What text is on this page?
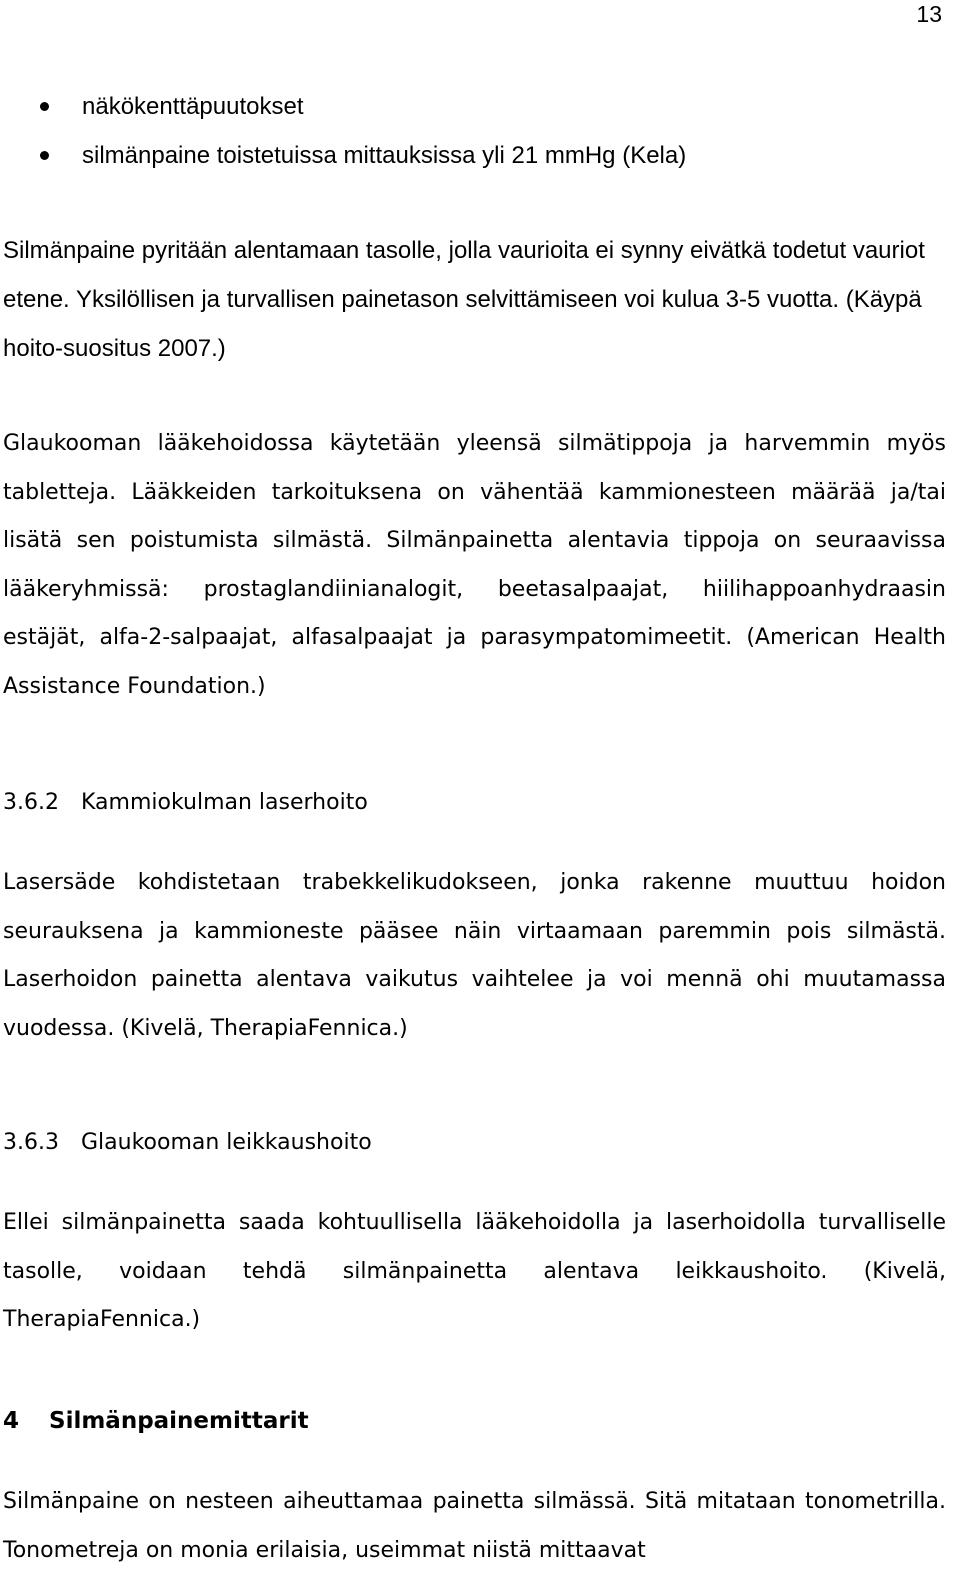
13
näkökenttäpuutokset
silmänpaine toistetuissa mittauksissa yli 21 mmHg (Kela)

Silmänpaine pyritään alentamaan tasolle, jolla vaurioita ei synny eivätkä todetut vauriot etene. Yksilöllisen ja turvallisen painetason selvittämiseen voi kulua 3-5 vuotta. (Käypä hoito-suositus 2007.)

Glaukooman lääkehoidossa käytetään yleensä silmätippoja ja harvemmin myös tabletteja. Lääkkeiden tarkoituksena on vähentää kammionesteen määrää ja/tai lisätä sen poistumista silmästä. Silmänpainetta alentavia tippoja on seuraavissa lääkeryhmissä: prostaglandiinianalogit, beetasalpaajat, hiilihappoanhydraasin estäjät, alfa-2-salpaajat, alfasalpaajat ja parasympatomimeetit. (American Health Assistance Foundation.)

3.6.2 Kammiokulman laserhoito

Lasersäde kohdistetaan trabekkelikudokseen, jonka rakenne muuttuu hoidon seurauksena ja kammioneste pääsee näin virtaamaan paremmin pois silmästä. Laserhoidon painetta alentava vaikutus vaihtelee ja voi mennä ohi muutamassa vuodessa. (Kivelä, TherapiaFennica.)

3.6.3 Glaukooman leikkaushoito

Ellei silmänpainetta saada kohtuullisella lääkehoidolla ja laserhoidolla turvalliselle tasolle, voidaan tehdä silmänpainetta alentava leikkaushoito. (Kivelä, TherapiaFennica.)

4 Silmänpainemittarit

Silmänpaine on nesteen aiheuttamaa painetta silmässä. Sitä mitataan tonometrilla. Tonometreja on monia erilaisia, useimmat niistä mittaavat
